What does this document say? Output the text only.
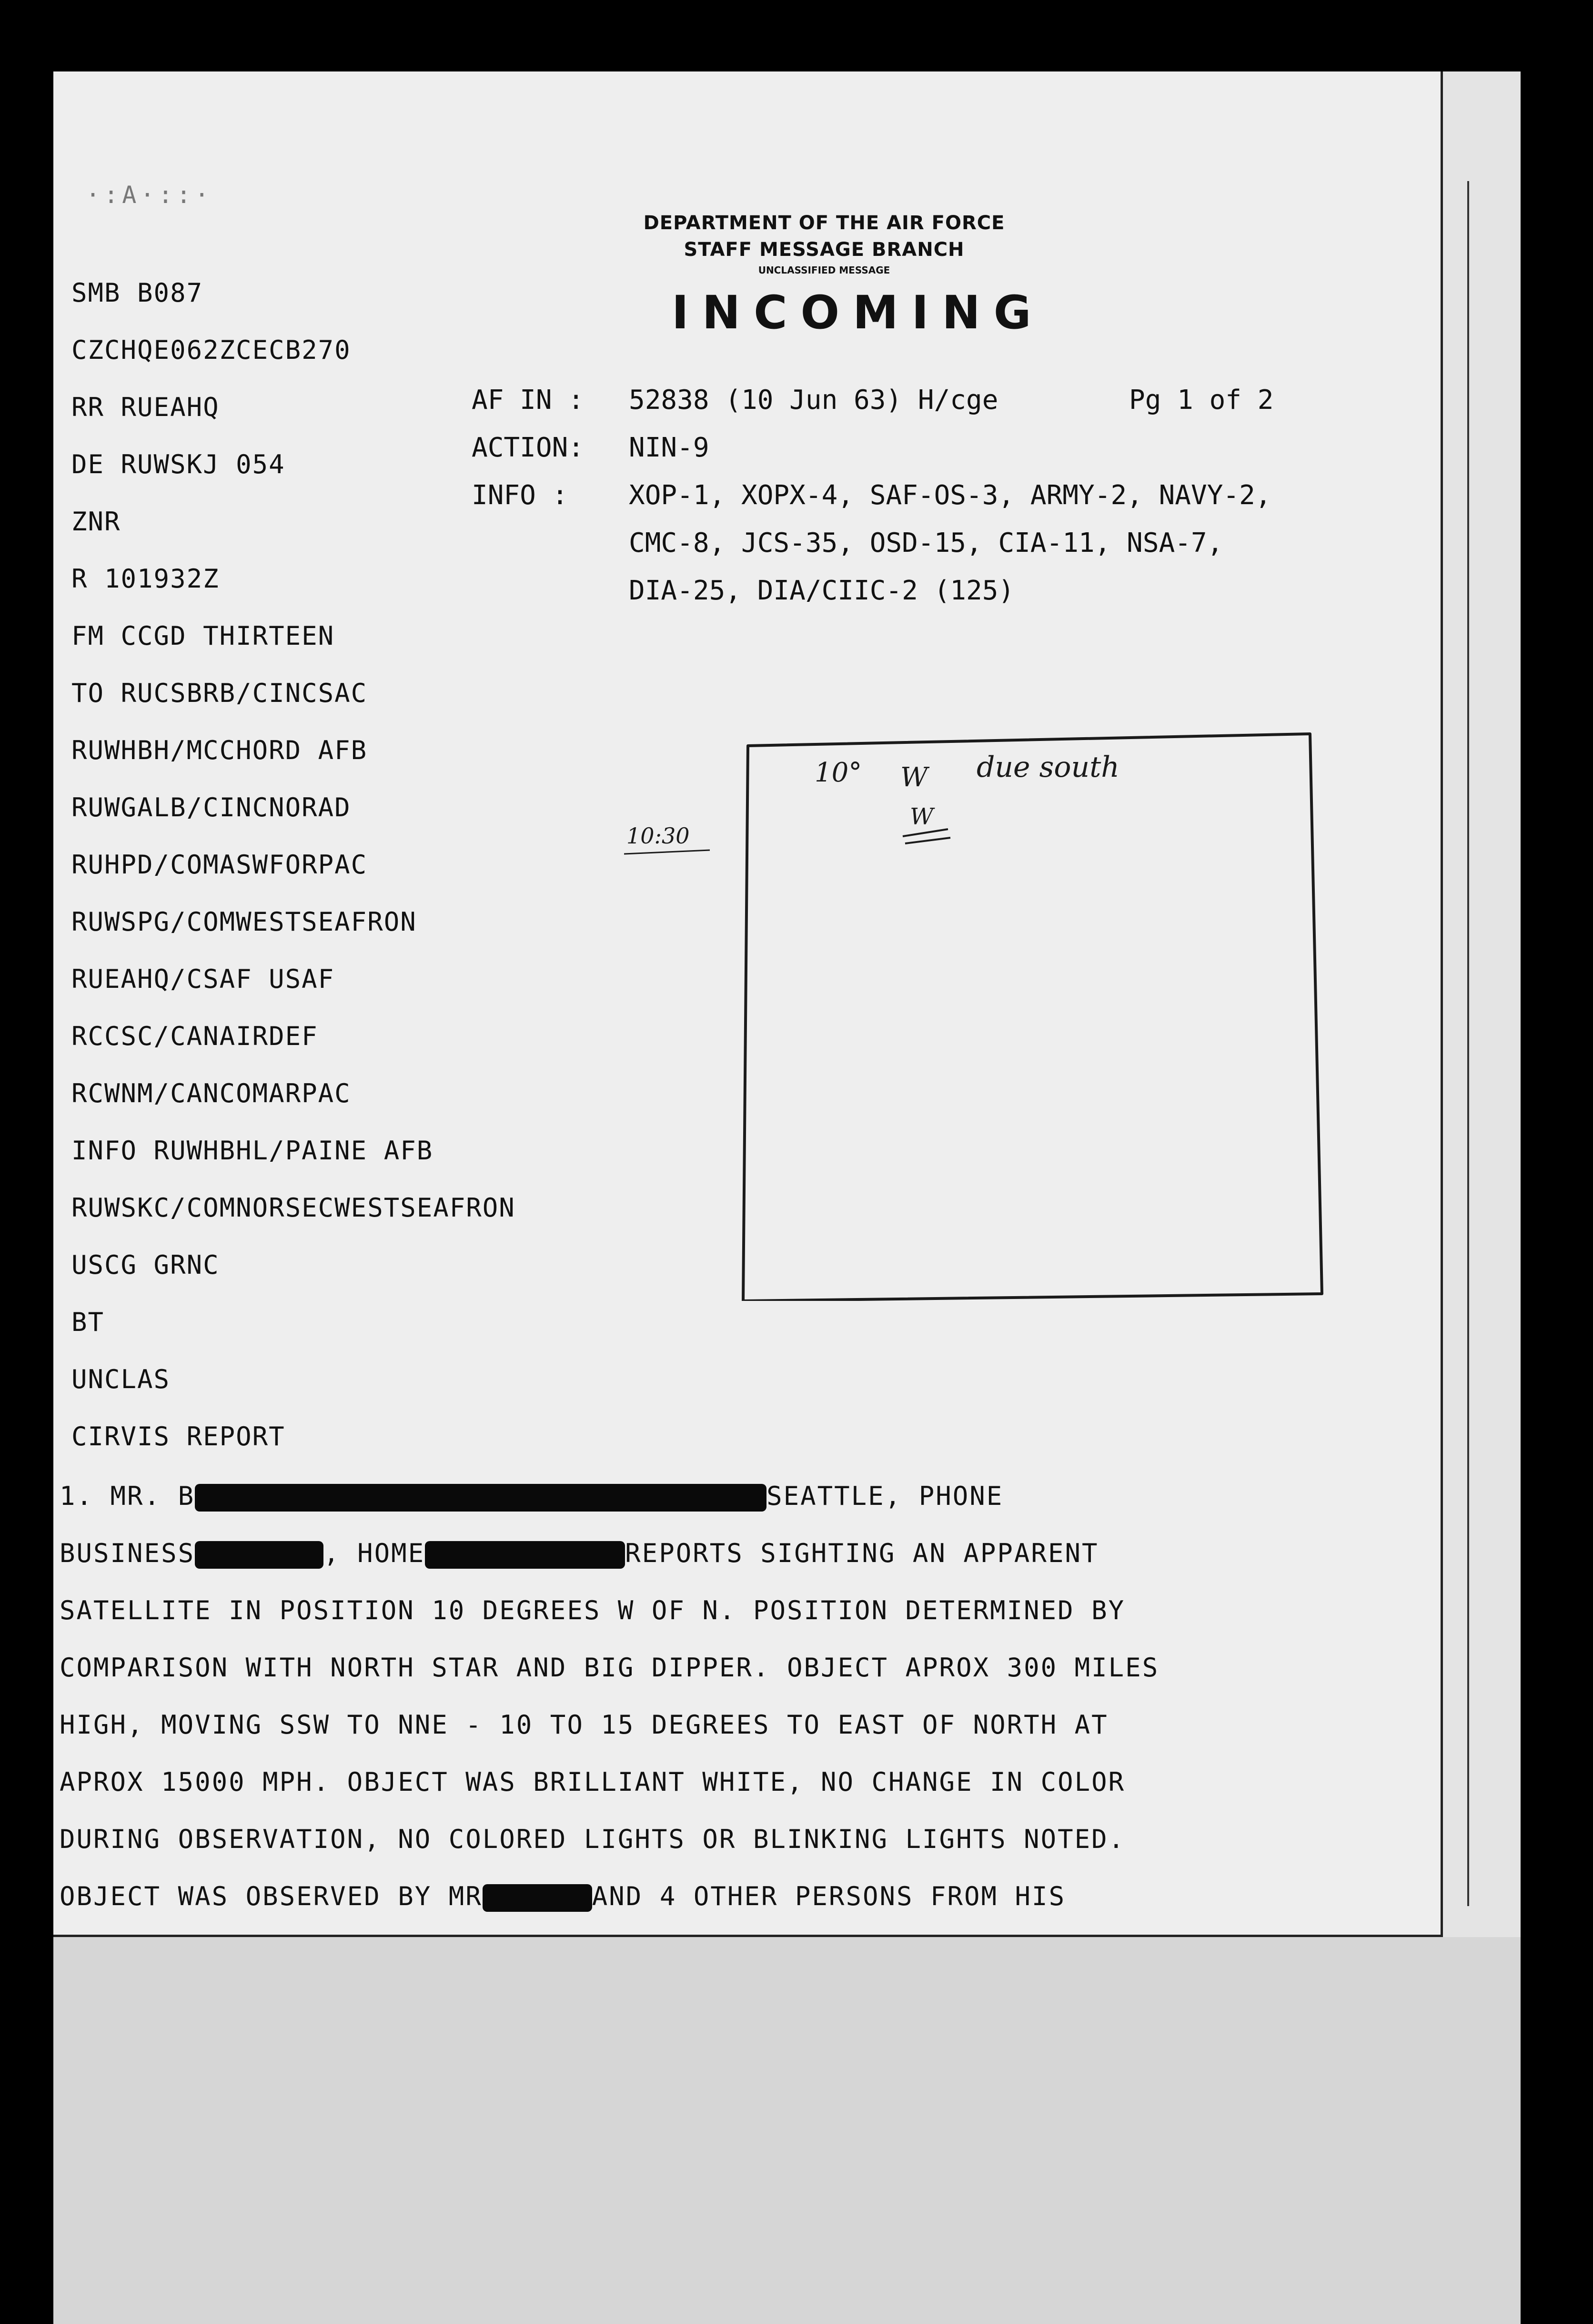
·:A·::·
DEPARTMENT OF THE AIR FORCE
STAFF MESSAGE BRANCH
UNCLASSIFIED MESSAGE
INCOMING
SMB B087
CZCHQE062ZCECB270
RR RUEAHQ
DE RUWSKJ 054
ZNR
R 101932Z
FM CCGD THIRTEEN
TO RUCSBRB/CINCSAC
RUWHBH/MCCHORD AFB
RUWGALB/CINCNORAD
RUHPD/COMASWFORPAC
RUWSPG/COMWESTSEAFRON
RUEAHQ/CSAF USAF
RCCSC/CANAIRDEF
RCWNM/CANCOMARPAC
INFO RUWHBHL/PAINE AFB
RUWSKC/COMNORSECWESTSEAFRON
USCG GRNC
BT
UNCLAS
CIRVIS REPORT
AF IN : 52838 (10 Jun 63) H/cge	Pg 1 of 2
ACTION: NIN-9
INFO : XOP-1, XOPX-4, SAF-OS-3, ARMY-2, NAVY-2,
CMC-8, JCS-35, OSD-15, CIA-11, NSA-7,
DIA-25, DIA/CIIC-2 (125)
10° W due south
W
10:30
1. MR. B	SEATTLE, PHONE
BUSINESS	, HOME	REPORTS SIGHTING AN APPARENT
SATELLITE IN POSITION 10 DEGREES W OF N. POSITION DETERMINED BY
COMPARISON WITH NORTH STAR AND BIG DIPPER. OBJECT APROX 300 MILES
HIGH, MOVING SSW TO NNE - 10 TO 15 DEGREES TO EAST OF NORTH AT
APROX 15000 MPH. OBJECT WAS BRILLIANT WHITE, NO CHANGE IN COLOR
DURING OBSERVATION, NO COLORED LIGHTS OR BLINKING LIGHTS NOTED.
OBJECT WAS OBSERVED BY MR	AND 4 OTHER PERSONS FROM HIS
